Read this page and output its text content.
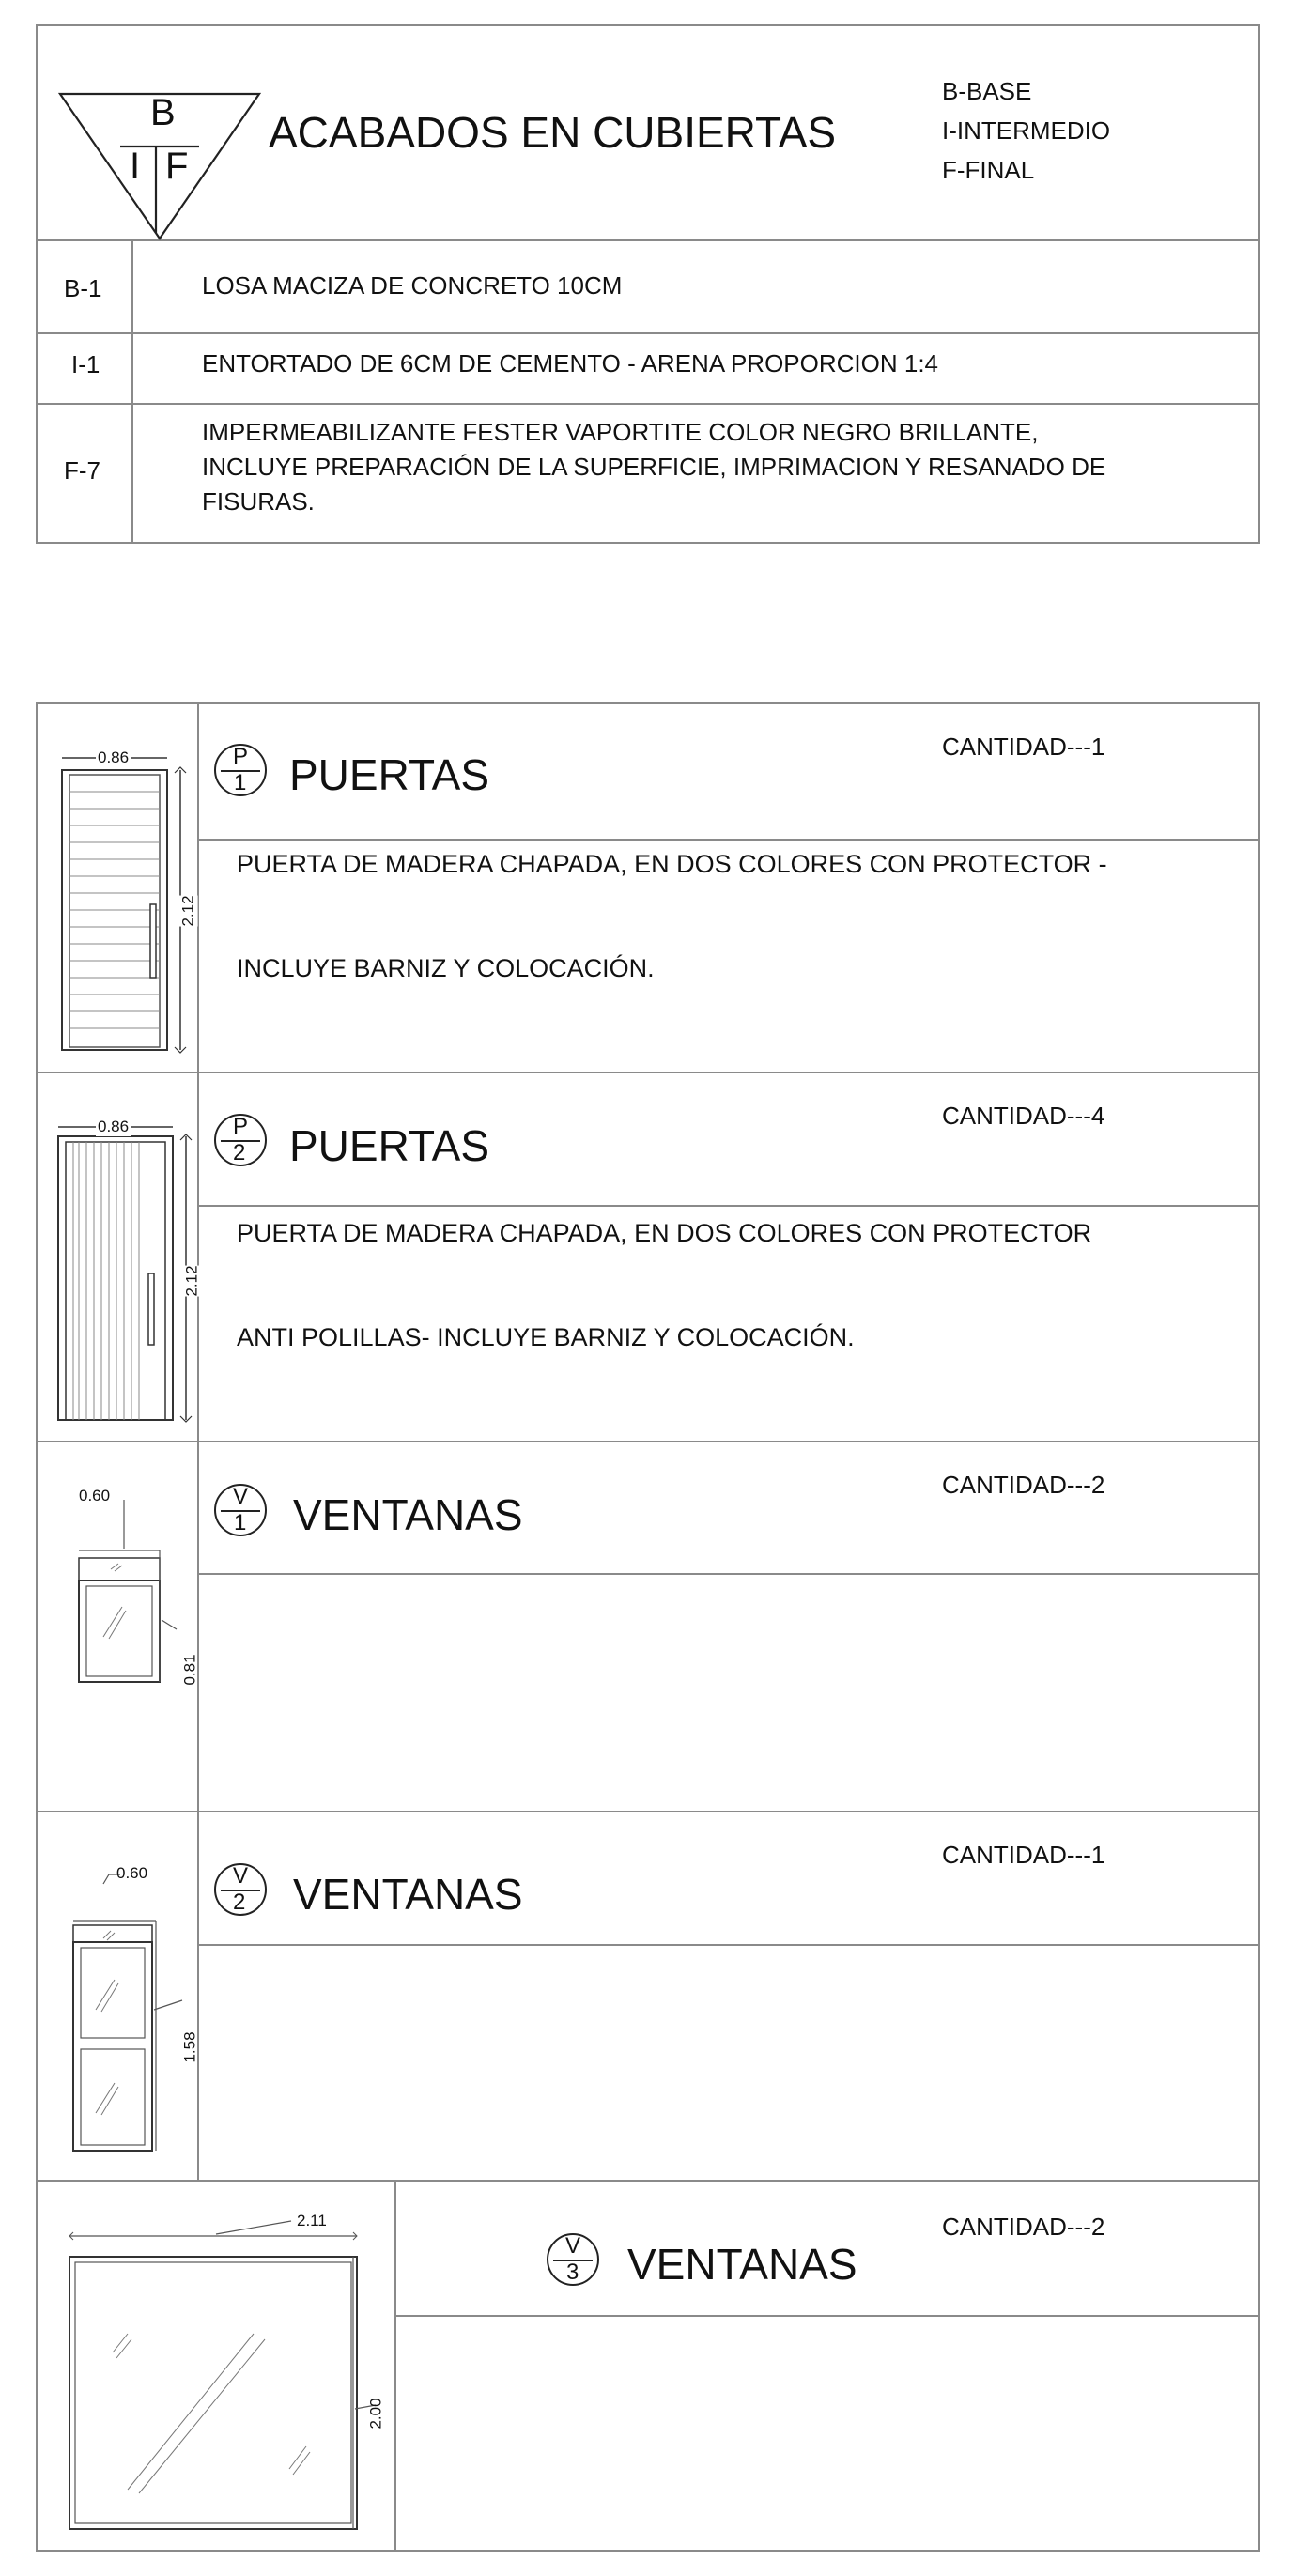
B
I F
ACABADOS EN CUBIERTAS
B-BASE
I-INTERMEDIO
F-FINAL
B-1	LOSA MACIZA DE CONCRETO 10CM
I-1	ENTORTADO DE 6CM DE CEMENTO - ARENA PROPORCION 1:4
F-7
IMPERMEABILIZANTE FESTER VAPORTITE COLOR NEGRO BRILLANTE,
INCLUYE PREPARACIÓN DE LA SUPERFICIE, IMPRIMACION Y RESANADO DE
FISURAS.
P
1 PUERTAS
CANTIDAD---1
PUERTA DE MADERA CHAPADA, EN DOS COLORES CON PROTECTOR -
INCLUYE BARNIZ Y COLOCACIÓN.
0.86
2.12
P
2 PUERTAS
CANTIDAD---4
PUERTA DE MADERA CHAPADA, EN DOS COLORES CON PROTECTOR
ANTI POLILLAS- INCLUYE BARNIZ Y COLOCACIÓN.
0.86
2.12
V
1 VENTANAS
CANTIDAD---2
0.60
0.81
V
2 VENTANAS
CANTIDAD---1
0.60
1.58
V
3 VENTANAS
CANTIDAD---2
2.11
2.00
